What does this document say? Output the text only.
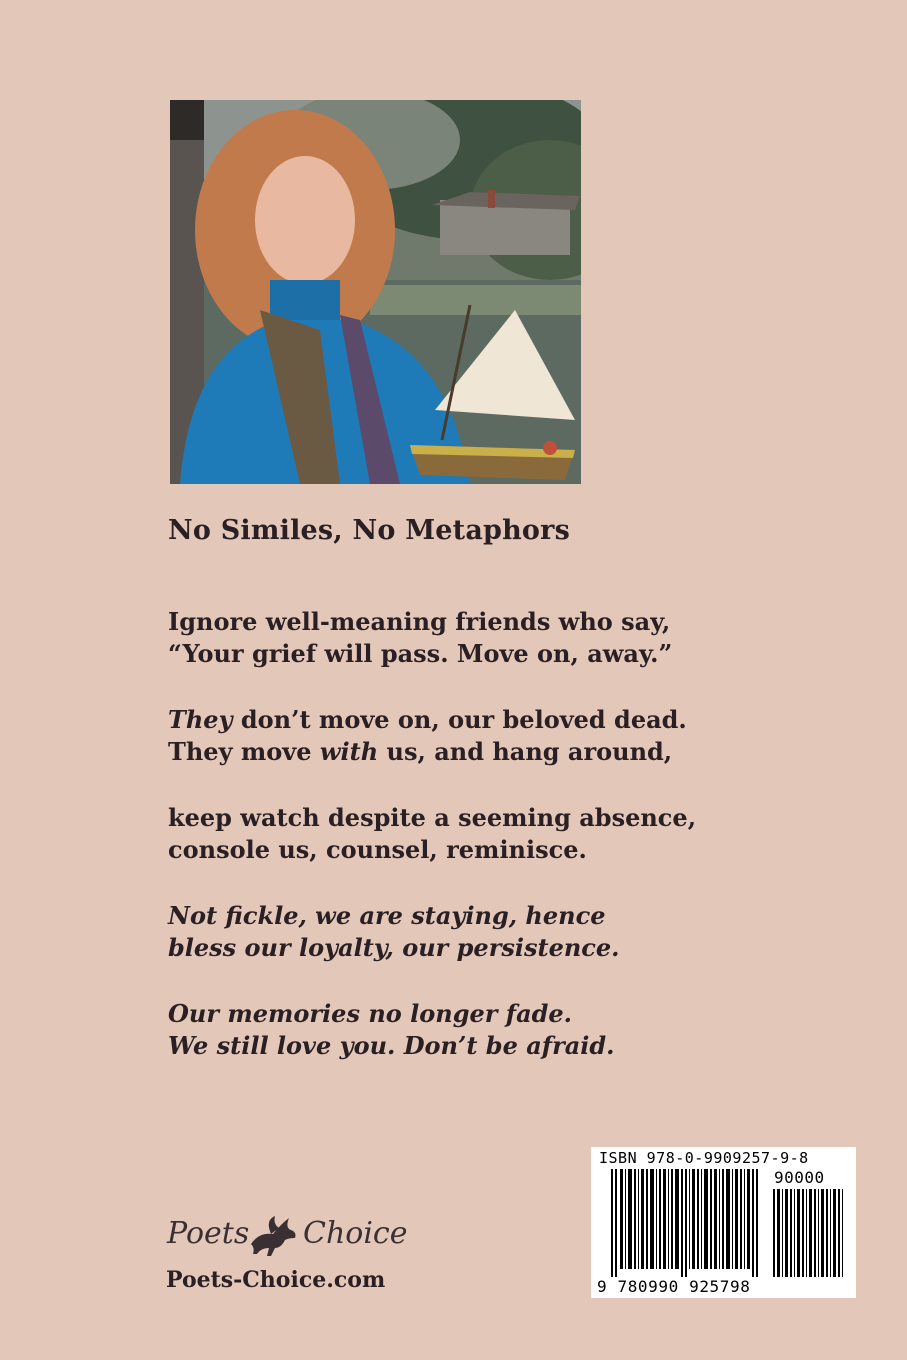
No Similes, No Metaphors
Ignore well-meaning friends who say,
“Your grief will pass. Move on, away.”
They don’t move on, our beloved dead.
They move with us, and hang around,
keep watch despite a seeming absence,
console us, counsel, reminisce.
Not fickle, we are staying, hence
bless our loyalty, our persistence.
Our memories no longer fade.
We still love you. Don’t be afraid.
Poets Choice
Poets-Choice.com
ISBN 978-0-9909257-9-8
90000
9 780990 925798
